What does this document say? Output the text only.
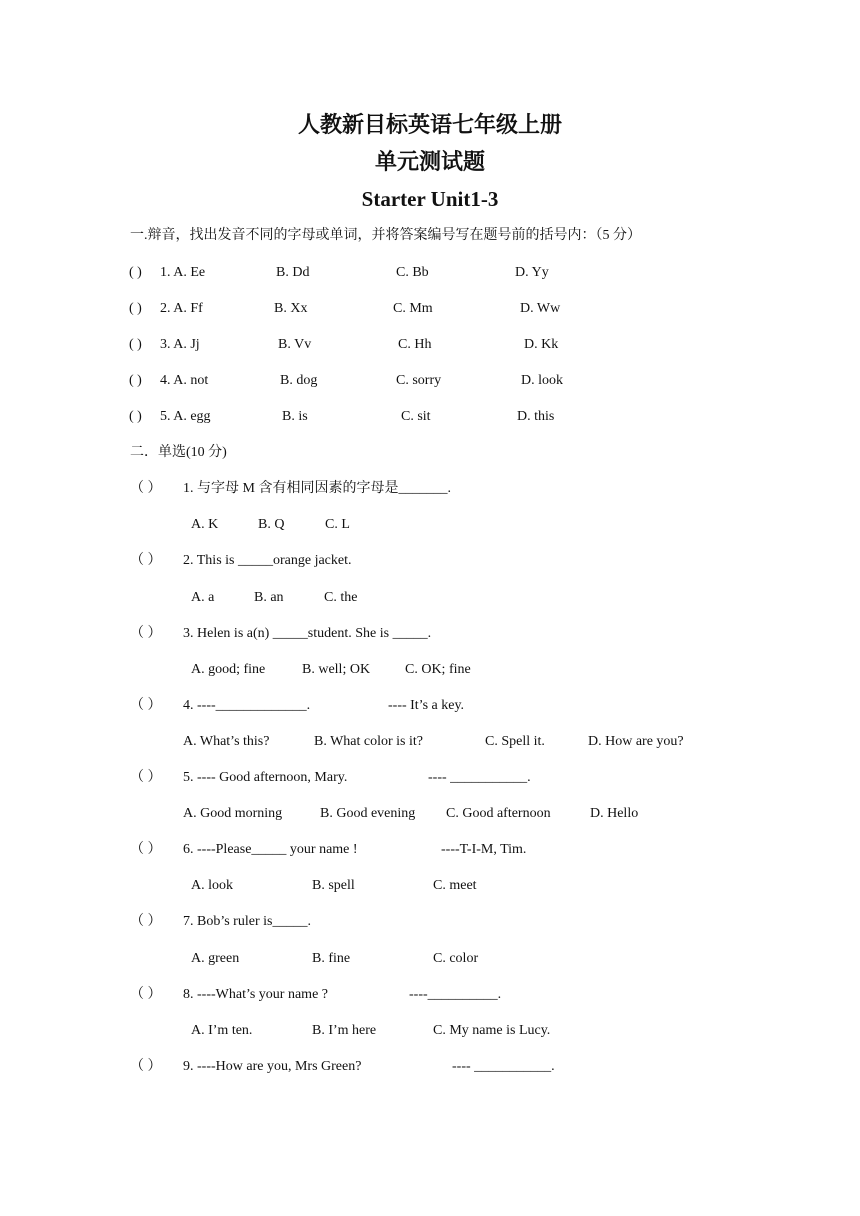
人教新目标英语七年级上册
单元测试题
Starter Unit1-3
一.辩音，找出发音不同的字母或单词，并将答案编号写在题号前的括号内：（5 分）
( ) 1. A. Ee	B. Dd	C. Bb	D. Yy
( ) 2. A. Ff	B. Xx	C. Mm	D. Ww
( ) 3. A. Jj	B. Vv	C. Hh	D. Kk
( ) 4. A. not	B. dog	C. sorry	D. look
( ) 5. A. egg	B. is	C. sit	D. this
二．单选(10 分)
（ ） 1. 与字母 M 含有相同因素的字母是_______.
A. K	B. Q	C. L
（ ） 2. This is _____orange jacket.
A. a	B. an	C. the
（ ） 3. Helen is a(n) _____student. She is _____.
A. good; fine	B. well; OK C. OK; fine
（ ） 4. ----_____________.	---- It’s a key.
A. What’s this?	B. What color is it?	C. Spell it.	D. How are you?
（ ） 5. ---- Good afternoon, Mary.	---- ___________.
A. Good morning	B. Good evening C. Good afternoon	D. Hello
（ ） 6. ----Please_____ your name !	----T-I-M, Tim.
A. look	B. spell	C. meet
（ ） 7. Bob’s ruler is_____.
A. green	B. fine	C. color
（ ） 8. ----What’s your name ?	----__________.
A. I’m ten.	B. I’m here	C. My name is Lucy.
（ ） 9. ----How are you, Mrs Green?	---- ___________.
